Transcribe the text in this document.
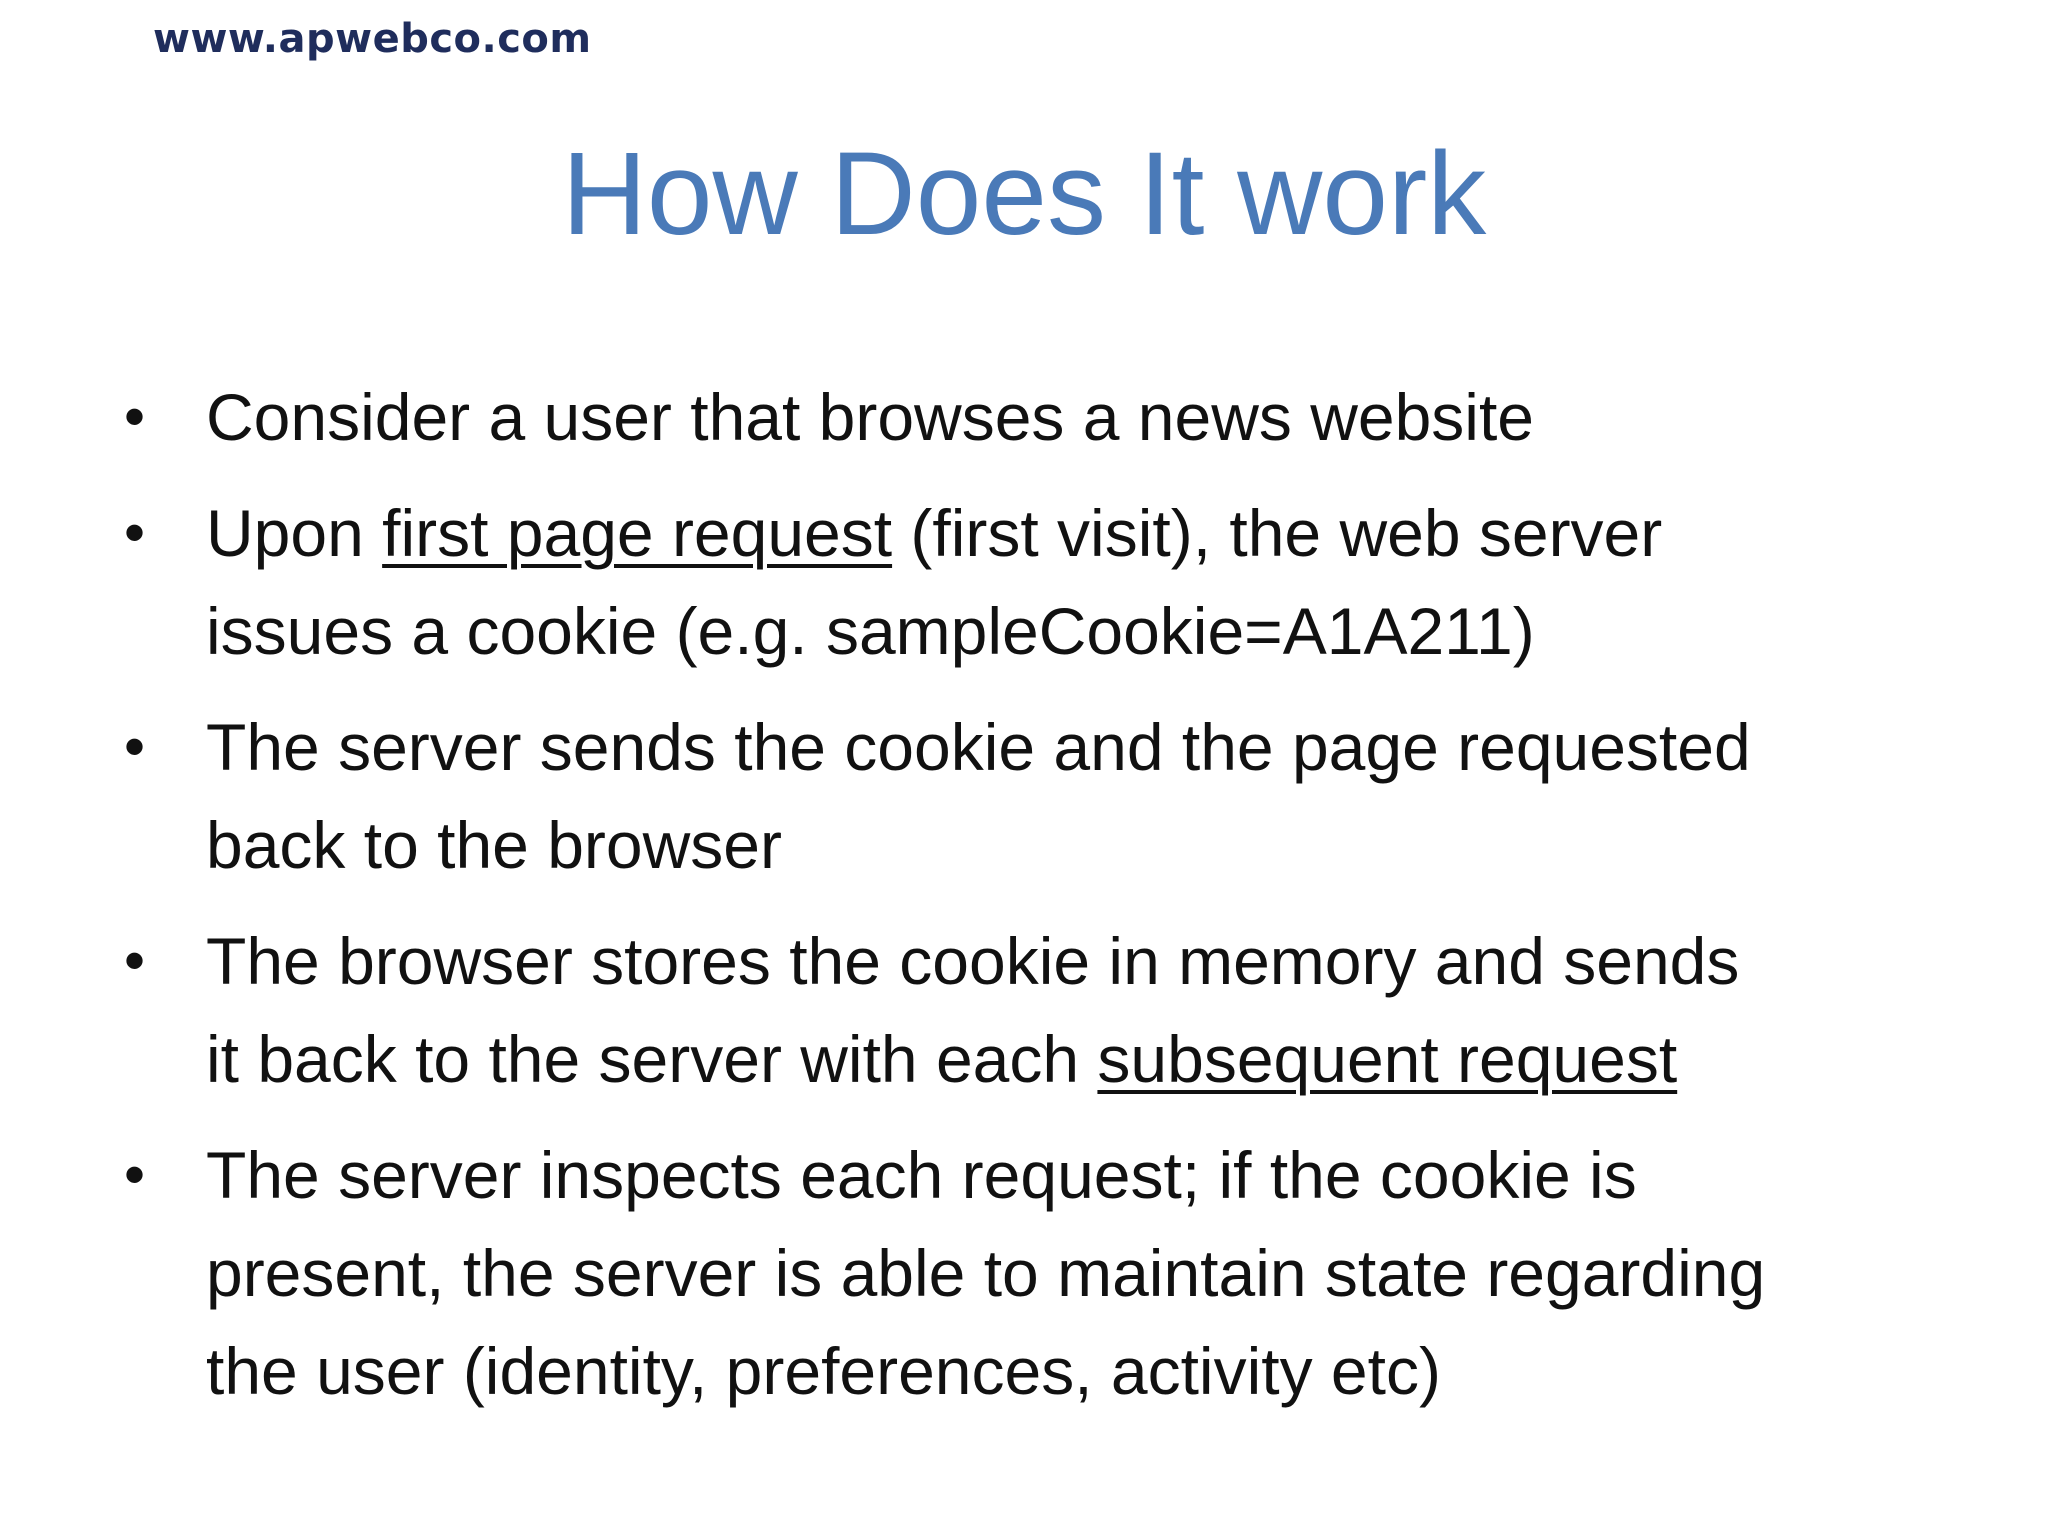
www.apwebco.com
How Does It work
• Consider a user that browses a news website
• Upon first page request (first visit), the web server
issues a cookie (e.g. sampleCookie=A1A211)
• The server sends the cookie and the page requested
back to the browser
• The browser stores the cookie in memory and sends
it back to the server with each subsequent request
• The server inspects each request; if the cookie is
present, the server is able to maintain state regarding
the user (identity, preferences, activity etc)
